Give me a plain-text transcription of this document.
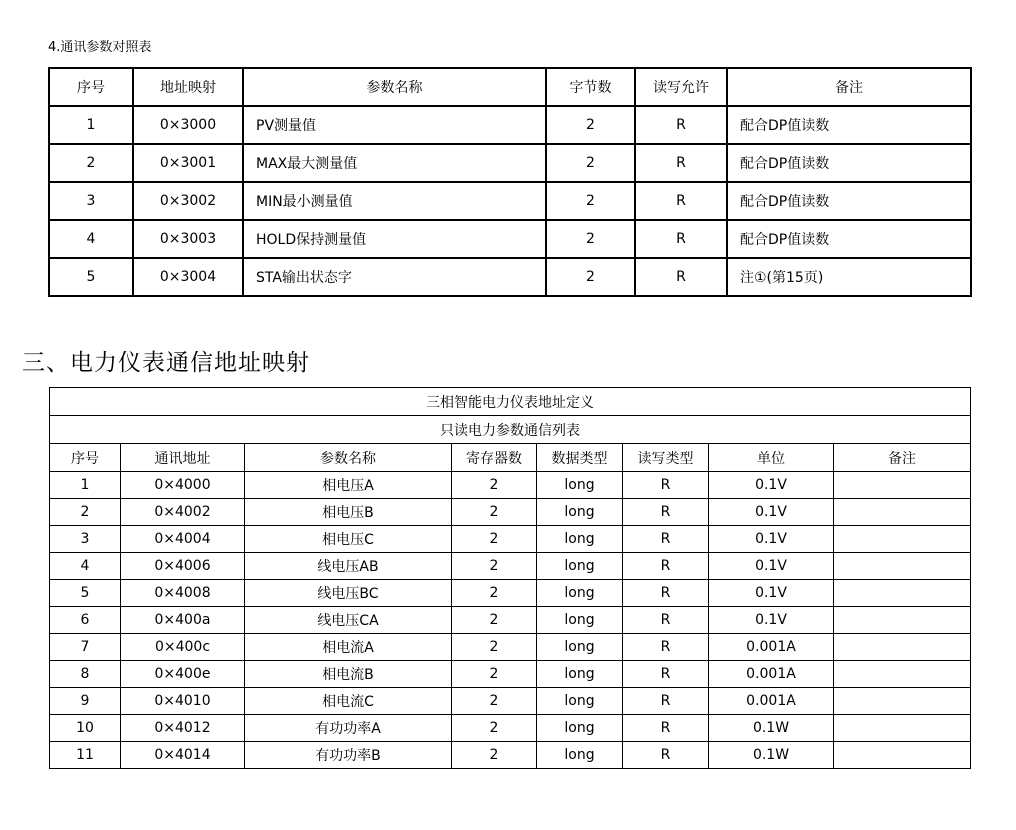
4.通讯参数对照表
序号	地址映射	参数名称	字节数	读写允许	备注
1	0×3000	PV测量值	2	R	配合DP值读数
2	0×3001	MAX最大测量值	2	R	配合DP值读数
3	0×3002	MIN最小测量值	2	R	配合DP值读数
4	0×3003	HOLD保持测量值	2	R	配合DP值读数
5	0×3004	STA输出状态字	2	R	注①(第15页)
三、电力仪表通信地址映射
三相智能电力仪表地址定义							
只读电力参数通信列表							
序号	通讯地址	参数名称	寄存器数	数据类型	读写类型	单位	备注
1	0×4000	相电压A	2	long	R	0.1V	
2	0×4002	相电压B	2	long	R	0.1V	
3	0×4004	相电压C	2	long	R	0.1V	
4	0×4006	线电压AB	2	long	R	0.1V	
5	0×4008	线电压BC	2	long	R	0.1V	
6	0×400a	线电压CA	2	long	R	0.1V	
7	0×400c	相电流A	2	long	R	0.001A	
8	0×400e	相电流B	2	long	R	0.001A	
9	0×4010	相电流C	2	long	R	0.001A	
10	0×4012	有功功率A	2	long	R	0.1W	
11	0×4014	有功功率B	2	long	R	0.1W	
